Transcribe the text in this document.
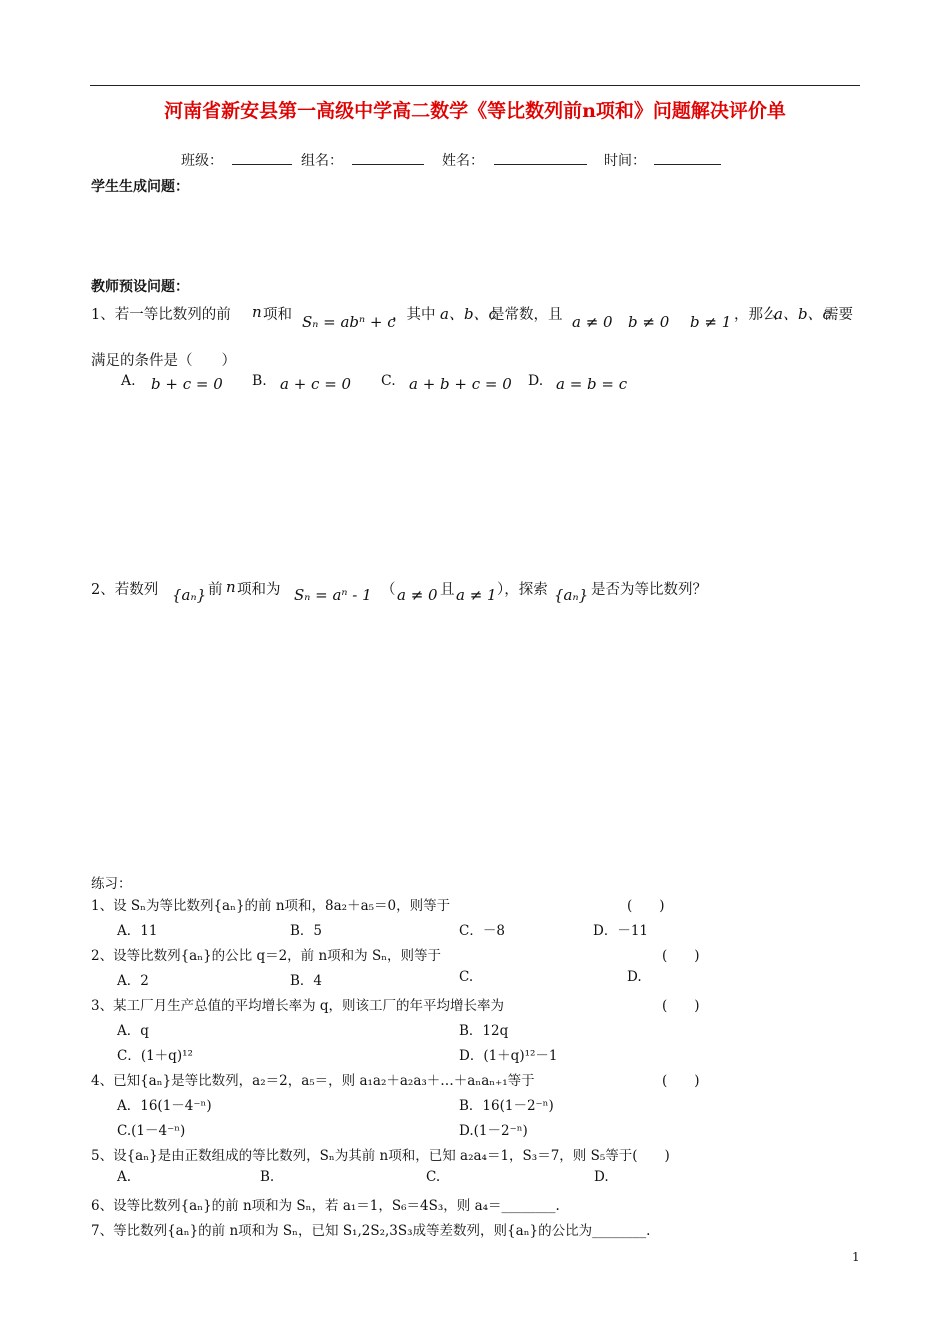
河南省新安县第一高级中学高二数学《等比数列前n项和》问题解决评价单
班级：	组名：	姓名：	时间：
学生生成问题：
教师预设问题：
1、若一等比数列的前 n 项和 Sₙ = abⁿ + c
，其中 a、b、c
是常数，且 a ≠ 0 b ≠ 0 b ≠ 1 ，那么
a、b、c
需要
满足的条件是（　　）
A. b + c = 0 B. a + c = 0 C. a + b + c = 0 D. a = b = c
2、若数列 {aₙ} 前 n 项和为 Sₙ = aⁿ - 1 （ a ≠ 0 且 a ≠ 1 ），探索 {aₙ} 是否为等比数列？
练习：
1、设 Sₙ为等比数列{aₙ}的前 n项和，8a₂＋a₅＝0，则等于	(　　)
A．11	B．5	C．－8	D．－11
2、设等比数列{aₙ}的公比 q＝2，前 n项和为 Sₙ，则等于	(　　)
A．2	B．4	C.	D.
3、某工厂月生产总值的平均增长率为 q，则该工厂的年平均增长率为	(　　)
A．q	B．12q
C．(1＋q)¹²	D．(1＋q)¹²－1
4、已知{aₙ}是等比数列，a₂＝2，a₅＝，则 a₁a₂＋a₂a₃＋…＋aₙaₙ₊₁等于	(　　)
A．16(1－4⁻ⁿ)	B．16(1－2⁻ⁿ)
C.(1－4⁻ⁿ)	D.(1－2⁻ⁿ)
5、设{aₙ}是由正数组成的等比数列，Sₙ为其前 n项和，已知 a₂a₄＝1，S₃＝7，则 S₅等于(　　)
A.	B.	C.	D.
6、设等比数列{aₙ}的前 n项和为 Sₙ，若 a₁＝1，S₆＝4S₃，则 a₄＝________.
7、等比数列{aₙ}的前 n项和为 Sₙ，已知 S₁,2S₂,3S₃成等差数列，则{aₙ}的公比为________.
1
